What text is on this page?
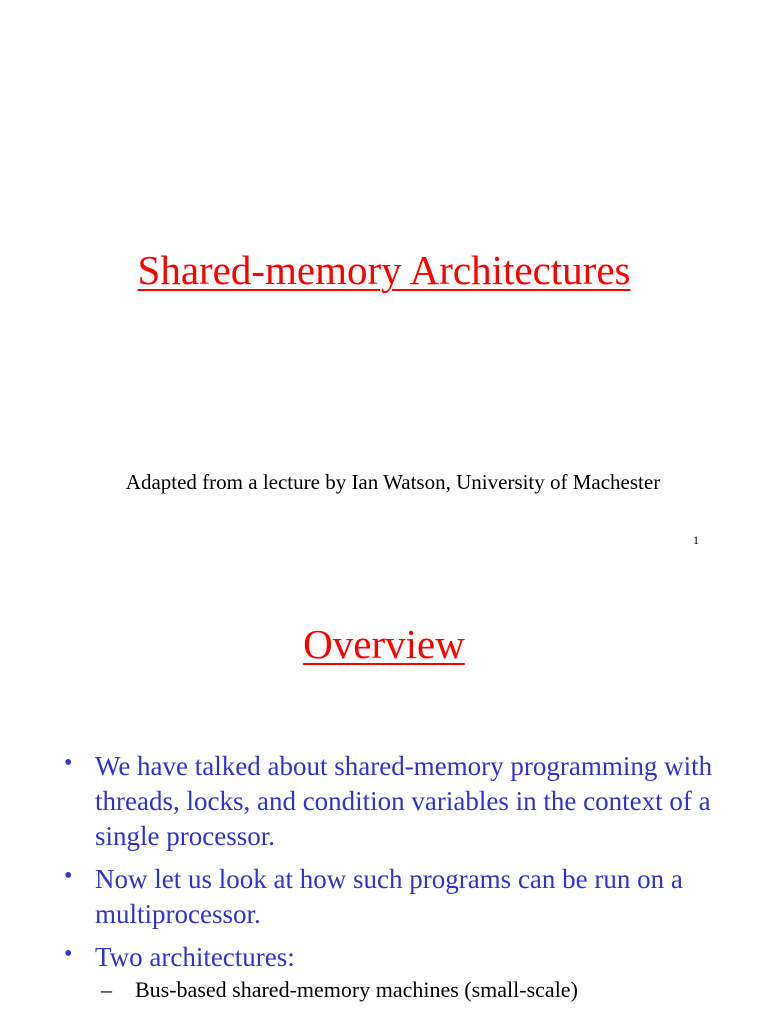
Shared-memory Architectures

Adapted from a lecture by Ian Watson, University of Machester

1
Overview
• We have talked about shared-memory programming with threads, locks, and condition variables in the context of a single processor.
• Now let us look at how such programs can be run on a multiprocessor.
• Two architectures:
– Bus-based shared-memory machines (small-scale)
